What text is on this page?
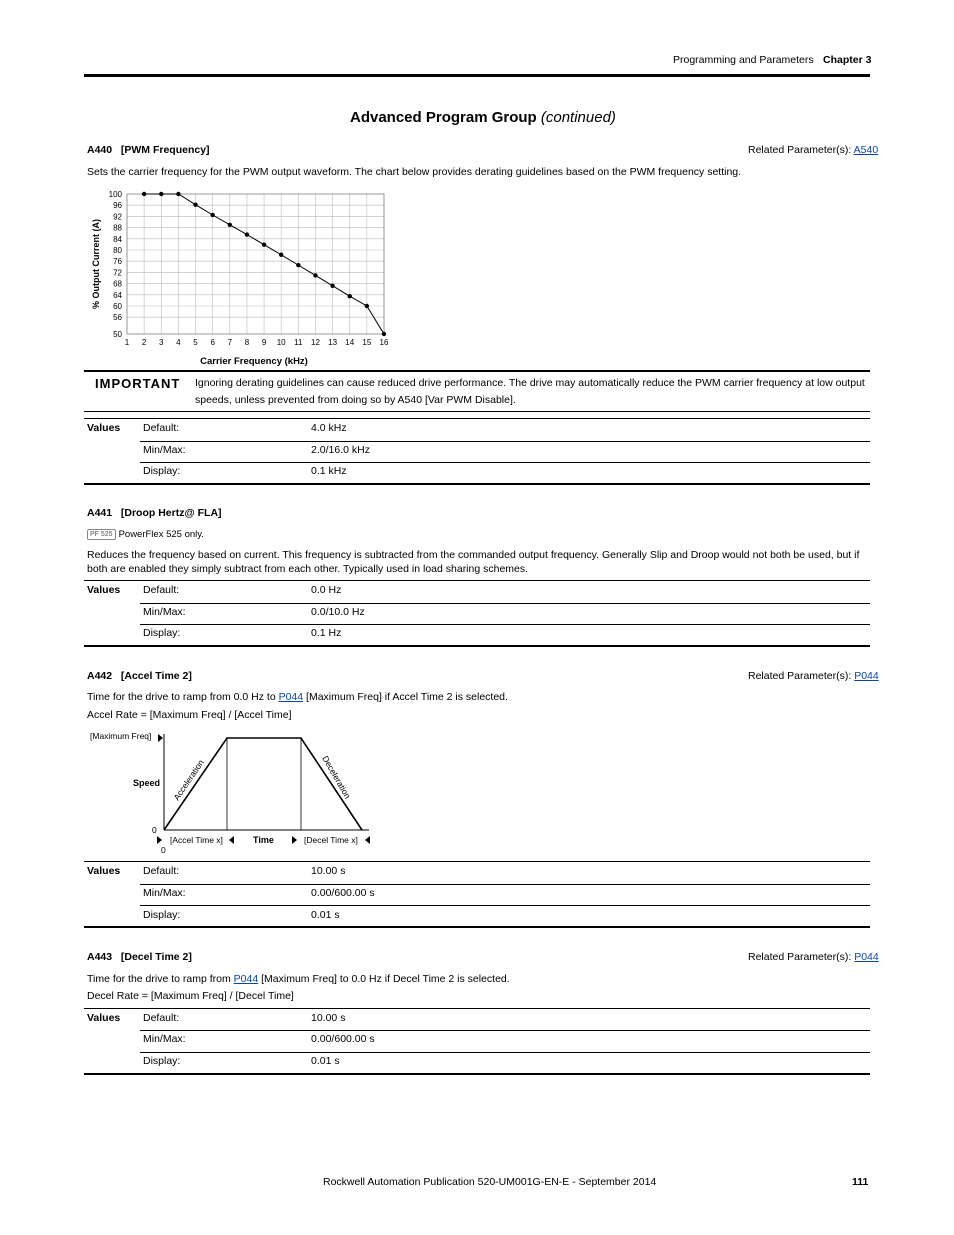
Programming and Parameters Chapter 3
Advanced Program Group (continued)
A440 [PWM Frequency]	Related Parameter(s): A540
Sets the carrier frequency for the PWM output waveform. The chart below provides derating guidelines based on the PWM frequency setting.
1 2 3 4 5 6 7 8 9 10 11 12 13 14 15 16
100
96
92
88
84
80
76
72
68
64
60
56
50
Carrier Frequency (kHz)
% Output Current (A)
IMPORTANT Ignoring derating guidelines can cause reduced drive performance. The drive may automatically reduce the PWM carrier frequency at low output speeds, unless prevented from doing so by A540 [Var PWM Disable].
Values Default:	4.0 kHz
Min/Max:	2.0/16.0 kHz
Display:	0.1 kHz
A441 [Droop Hertz@ FLA]
PF 525 PowerFlex 525 only.
Reduces the frequency based on current. This frequency is subtracted from the commanded output frequency. Generally Slip and Droop would not both be used, but if both are enabled they simply subtract from each other. Typically used in load sharing schemes.
Values Default:	0.0 Hz
Min/Max:	0.0/10.0 Hz
Display:	0.1 Hz
A442 [Accel Time 2]	Related Parameter(s): P044
Time for the drive to ramp from 0.0 Hz to P044 [Maximum Freq] if Accel Time 2 is selected.
Accel Rate = [Maximum Freq] / [Accel Time]
[Maximum Freq]
Speed Acceleration	Deceleration
0
0
[Accel Time x]	Time	[Decel Time x]
Values Default:	10.00 s
Min/Max:	0.00/600.00 s
Display:	0.01 s
A443 [Decel Time 2]	Related Parameter(s): P044
Time for the drive to ramp from P044 [Maximum Freq] to 0.0 Hz if Decel Time 2 is selected.
Decel Rate = [Maximum Freq] / [Decel Time]
Values Default:	10.00 s
Min/Max:	0.00/600.00 s
Display:	0.01 s
Rockwell Automation Publication 520-UM001G-EN-E - September 2014	111
